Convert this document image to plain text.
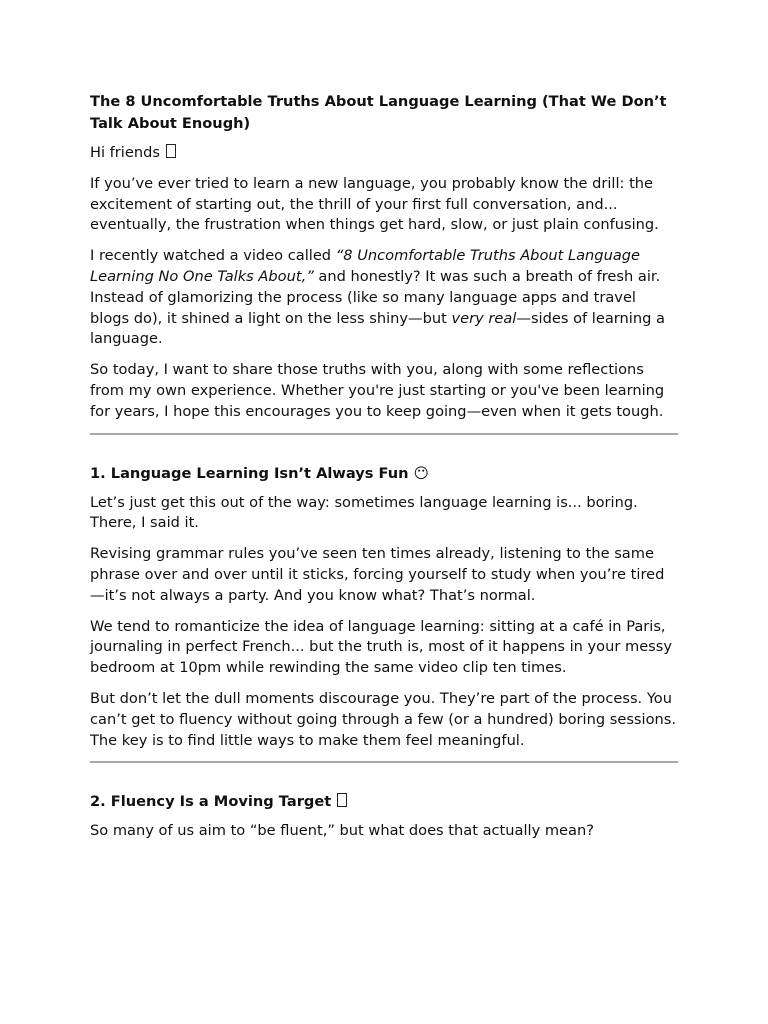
The 8 Uncomfortable Truths About Language Learning (That We Don’t Talk About Enough)

Hi friends

If you’ve ever tried to learn a new language, you probably know the drill: the excitement of starting out, the thrill of your first full conversation, and... eventually, the frustration when things get hard, slow, or just plain confusing.

I recently watched a video called “8 Uncomfortable Truths About Language Learning No One Talks About,” and honestly? It was such a breath of fresh air. Instead of glamorizing the process (like so many language apps and travel blogs do), it shined a light on the less shiny—but very real—sides of learning a language.

So today, I want to share those truths with you, along with some reflections from my own experience. Whether you're just starting or you've been learning for years, I hope this encourages you to keep going—even when it gets tough.

1. Language Learning Isn’t Always Fun 😶

Let’s just get this out of the way: sometimes language learning is... boring. There, I said it.

Revising grammar rules you’ve seen ten times already, listening to the same phrase over and over until it sticks, forcing yourself to study when you’re tired—it’s not always a party. And you know what? That’s normal.

We tend to romanticize the idea of language learning: sitting at a café in Paris, journaling in perfect French... but the truth is, most of it happens in your messy bedroom at 10pm while rewinding the same video clip ten times.

But don’t let the dull moments discourage you. They’re part of the process. You can’t get to fluency without going through a few (or a hundred) boring sessions. The key is to find little ways to make them feel meaningful.

2. Fluency Is a Moving Target

So many of us aim to “be fluent,” but what does that actually mean?
